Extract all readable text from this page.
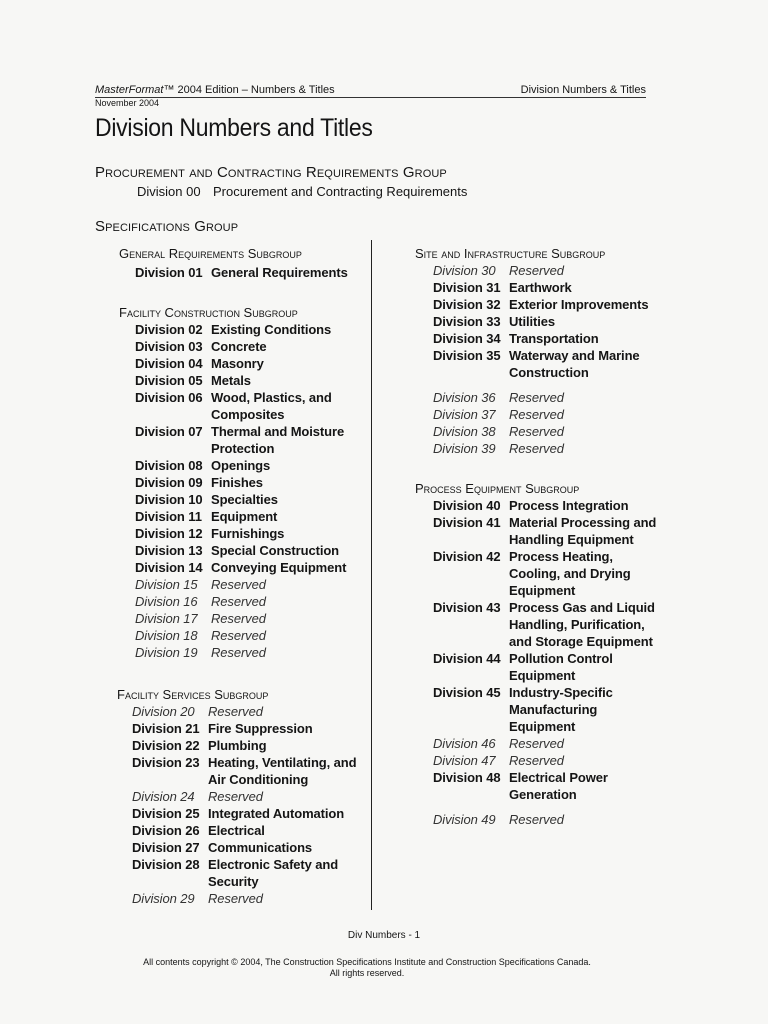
MasterFormat™ 2004 Edition – Numbers & Titles	Division Numbers & Titles
November 2004
Division Numbers and Titles
Procurement and Contracting Requirements Group
Division 00 Procurement and Contracting Requirements
Specifications Group
General Requirements Subgroup
Division 01 General Requirements
Facility Construction Subgroup
Division 02 Existing Conditions
Division 03 Concrete
Division 04 Masonry
Division 05 Metals
Division 06 Wood, Plastics, and
Composites
Division 07 Thermal and Moisture
Protection
Division 08 Openings
Division 09 Finishes
Division 10 Specialties
Division 11 Equipment
Division 12 Furnishings
Division 13 Special Construction
Division 14 Conveying Equipment
Division 15	Reserved
Division 16	Reserved
Division 17	Reserved
Division 18	Reserved
Division 19	Reserved
Facility Services Subgroup
Division 20	Reserved
Division 21 Fire Suppression
Division 22 Plumbing
Division 23 Heating, Ventilating, and
Air Conditioning
Division 24	Reserved
Division 25 Integrated Automation
Division 26 Electrical
Division 27 Communications
Division 28 Electronic Safety and
Security
Division 29	Reserved
Site and Infrastructure Subgroup
Division 30	Reserved
Division 31 Earthwork
Division 32 Exterior Improvements
Division 33 Utilities
Division 34 Transportation
Division 35 Waterway and Marine
Construction
Division 36	Reserved
Division 37	Reserved
Division 38	Reserved
Division 39	Reserved
Process Equipment Subgroup
Division 40 Process Integration
Division 41 Material Processing and
Handling Equipment
Division 42 Process Heating,
Cooling, and Drying
Equipment
Division 43 Process Gas and Liquid
Handling, Purification,
and Storage Equipment
Division 44 Pollution Control
Equipment
Division 45 Industry-Specific
Manufacturing
Equipment
Division 46	Reserved
Division 47	Reserved
Division 48 Electrical Power
Generation
Division 49	Reserved
Div Numbers - 1
All contents copyright © 2004, The Construction Specifications Institute and Construction Specifications Canada.
All rights reserved.
